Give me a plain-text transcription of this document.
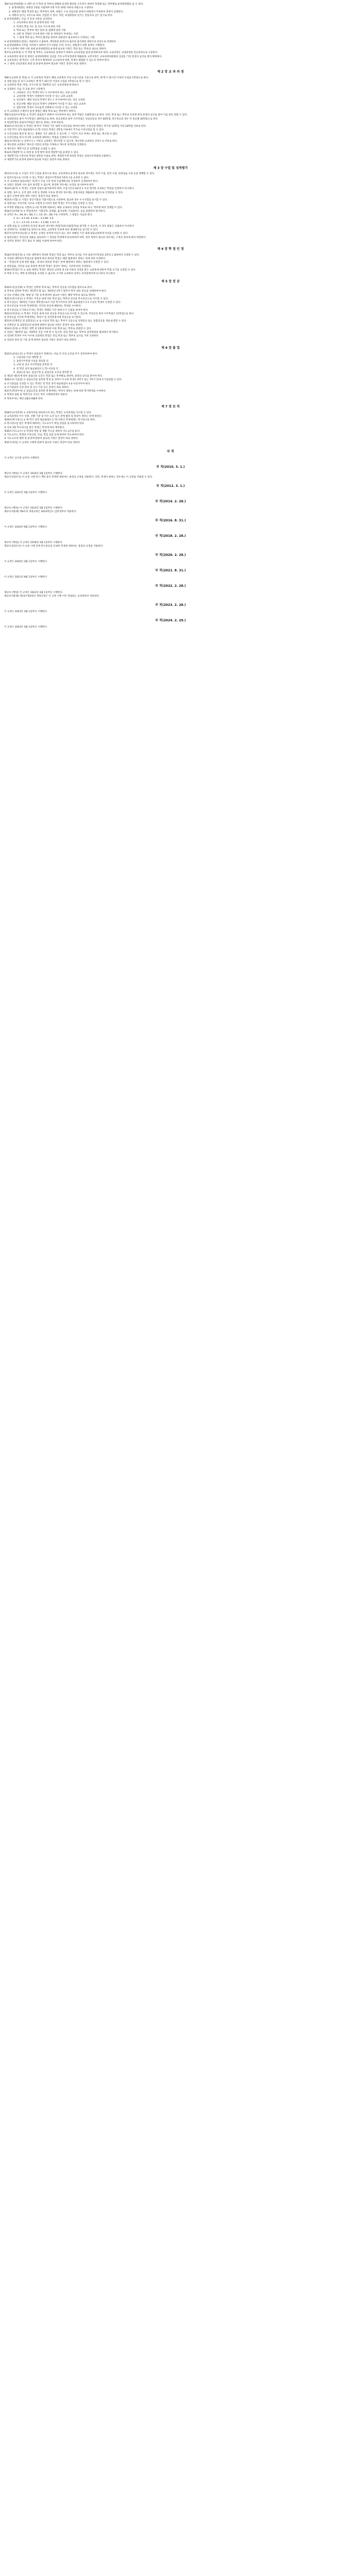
제6조(운영위원회) ① 대학 내 각 학과 및 학부의 원활한 운영과 발전을 도모하기 위하여 학과별 또는 학부별로 운영위원회를 둘 수 있다.
1. 운영위원회는 위원장 1명을 포함하여 5명 이상 10명 이하의 위원으로 구성한다.
2. 위원장은 해당 학과장 또는 학부장이 되며, 위원은 소속 전임교원 중에서 위원장이 추천하여 총장이 임명한다.
3. 위원의 임기는 2년으로 하되, 연임할 수 있다. 다만, 보궐위원의 임기는 전임자의 남은 임기로 한다.
② 운영위원회는 다음 각 호의 사항을 심의한다.
1. 교육과정의 편성 및 운영에 관한 사항
2. 학생의 학업 지도 및 진로 지도에 관한 사항
3. 학과 또는 학부의 예산 편성 및 집행에 관한 사항
4. 교원 및 직원의 인사에 관한 사항 중 위원장이 부의하는 사항
5. 그 밖에 학과 또는 학부의 발전을 위하여 위원장이 필요하다고 인정하는 사항
③ 운영위원회의 회의는 위원장이 소집하며, 재적위원 과반수의 출석과 출석위원 과반수의 찬성으로 의결한다.
④ 운영위원회의 사무를 처리하기 위하여 간사 1명을 두며, 간사는 위원장이 위원 중에서 지명한다.
⑤ 이 규정에서 정한 사항 외에 운영위원회의 운영에 필요한 사항은 학과 또는 학부의 내규로 정한다.
제7조(교육과정) ① 각 학과 및 학부는 교육목표를 달성하기 위하여 교육과정을 편성·운영하여야 하며, 교육과정은 교양과정과 전공과정으로 구분한다.
② 교육과정의 편성 및 변경은 운영위원회의 심의를 거쳐 교무처장에게 제출하며, 교무처장은 교육과정위원회의 심의를 거쳐 총장의 승인을 받아 확정한다.
③ 교육과정은 매 학년도 시작 전까지 확정하여 공고하여야 하며, 학생이 열람할 수 있도록 하여야 한다.
④ 그 밖에 교육과정의 편성 및 운영에 관하여 필요한 사항은 총장이 따로 정한다.
제 2 장 교 과 과 정
제8조(교과목 및 학점) ① 각 교과목의 학점은 해당 교과목의 주당 수업시간을 기준으로 하며, 매 학기 15시간 이상의 수업을 1학점으로 한다.
② 실험·실습 및 실기 교과목은 매 학기 30시간 이상의 수업을 1학점으로 할 수 있다.
③ 교과목의 명칭, 학점, 이수구분 및 개설학년 등은 교육과정표에 따른다.
④ 교과목은 다음 각 호와 같이 구분한다.
1. 교양필수: 모든 학생이 반드시 이수하여야 하는 교양 교과목
2. 교양선택: 학생이 선택하여 이수할 수 있는 교양 교과목
3. 전공필수: 해당 전공의 학생이 반드시 이수하여야 하는 전공 교과목
4. 전공선택: 해당 전공의 학생이 선택하여 이수할 수 있는 전공 교과목
5. 일반선택: 학생이 자유롭게 선택하여 이수할 수 있는 교과목
⑤ 각 교과목의 구체적인 운영 방법은 해당 학과 또는 학부에서 정한다.
제9조(졸업이수학점) ① 학생이 졸업하기 위하여 이수하여야 하는 최저 학점은 130학점으로 한다. 다만, 학과 또는 학부의 특성에 따라 총장의 승인을 받아 이를 달리 정할 수 있다.
② 교양과정의 최저 이수학점은 30학점으로 하며, 전공과정의 최저 이수학점은 단일전공의 경우 60학점, 복수전공의 경우 각 전공별 39학점으로 한다.
③ 편입학생의 졸업이수학점은 별도로 정하는 바에 따른다.
제10조(수강신청) ① 학생은 매 학기 지정된 기간 내에 수강신청을 하여야 하며, 수강신청 학점은 학기당 12학점 이상 18학점 이하로 한다.
② 직전 학기 성적 평균평점이 3.75 이상인 학생은 3학점 이내에서 추가로 수강신청을 할 수 있다.
③ 수강신청의 변경 및 취소는 정해진 기간 내에 할 수 있으며, 그 기간이 지난 후에는 변경 또는 취소할 수 없다.
④ 수강신청을 하지 아니한 교과목에 대하여는 학점을 인정하지 아니한다.
제11조(재수강) ① 성적이 C+ 이하인 교과목은 재수강할 수 있으며, 재수강한 교과목의 성적은 A 이하로 한다.
② 재수강한 교과목은 재수강 이전의 성적을 삭제하고 재수강 성적만을 인정한다.
③ 재수강은 재학기간 중 12학점을 초과할 수 없다.
제12조(계절학기) ① 하계 및 동계 방학 중에 계절학기를 운영할 수 있다.
② 계절학기의 수강신청 학점은 6학점 이내로 하며, 계절학기에 취득한 학점은 졸업이수학점에 포함한다.
③ 계절학기의 운영에 관하여 필요한 사항은 총장이 따로 정한다.
제 3 장 수업 및 성적평가
제13조(수업) ① 수업은 주간 수업을 원칙으로 하되, 교육과정의 운영상 필요한 경우에는 야간 수업, 원격 수업, 현장실습 수업 등을 병행할 수 있다.
② 원격수업으로 이수할 수 있는 학점은 졸업이수학점의 5분의 1을 초과할 수 없다.
③ 각 교과목의 담당교원은 매 학기 수업 시작 전에 수업계획서를 작성하여 공개하여야 한다.
④ 교원은 정당한 사유 없이 휴강할 수 없으며, 휴강한 경우에는 보강을 실시하여야 한다.
제14조(출석) ① 학생은 수업에 성실히 출석하여야 하며, 수업시간의 4분의 1 이상 결석한 교과목은 학점을 인정하지 아니한다.
② 질병, 경조사, 공적 업무 수행 등 정당한 사유로 결석한 경우에는 증빙서류를 제출하여 출석으로 인정받을 수 있다.
③ 출석 인정에 관한 세부 사항은 총장이 따로 정한다.
제15조(시험) ① 시험은 중간시험과 기말시험으로 구분하며, 필요한 경우 수시시험을 실시할 수 있다.
② 질병 또는 부득이한 사유로 시험에 응시하지 못한 학생은 추가시험을 신청할 수 있다.
③ 부정한 방법으로 시험에 응시한 학생에 대하여는 해당 교과목의 성적을 무효로 하고, 학칙에 따라 징계할 수 있다.
제16조(성적평가) ① 학업성적은 시험성적, 과제물, 출석상황, 수업참여도 등을 종합하여 평가한다.
② 성적은 A+, A0, B+, B0, C+, C0, D+, D0, F로 구분하며, 그 평점은 다음과 같다.
1. A+: 4.5 A0: 4.0 B+: 3.5 B0: 3.0
2. C+: 2.5 C0: 2.0 D+: 1.5 D0: 1.0 F: 0
③ 실험·실습 등 교과목의 특성상 필요한 경우에는 P(합격)와 F(불합격)로 평가할 수 있으며, 이 경우 평점은 산출하지 아니한다.
④ 성적평가는 상대평가를 원칙으로 하되, 교과목의 특성에 따라 절대평가를 실시할 수 있다.
제17조(성적이의신청) ① 학생은 공개된 성적에 이의가 있는 경우 정해진 기간 내에 담당교원에게 이의를 신청할 수 있다.
② 담당교원은 이의신청 내용을 검토하여 그 결과를 학생에게 통보하여야 하며, 성적 정정이 필요한 경우에는 소정의 절차에 따라 정정한다.
③ 성적의 정정은 학기 종료 후 30일 이내에 하여야 한다.
제 4 장 학 점 인 정
제18조(학점인정) ① 다른 대학에서 취득한 학점은 학과 또는 학부의 심사를 거쳐 졸업이수학점의 2분의 1 범위에서 인정할 수 있다.
② 국내외 대학과의 학점교류 협정에 따라 취득한 학점은 해당 협정에서 정하는 바에 따라 인정한다.
③ 「학점인정 등에 관한 법률」에 따라 취득한 학점은 관계 법령에서 정하는 범위에서 인정할 수 있다.
④ 현장실습, 인턴십 등을 통하여 취득한 학점은 총장이 정하는 기준에 따라 인정한다.
제19조(학점포기) ① 졸업 예정인 학생은 취득한 교과목 중 C0 이하의 성적을 받은 교과목에 대하여 학점 포기를 신청할 수 있다.
② 학점 포기는 재학 중 6학점을 초과할 수 없으며, 포기한 교과목의 성적은 성적증명서에 표기하지 아니한다.
제 5 장 전 공
제20조(전공선택) ① 학생은 입학한 학과 또는 학부의 전공을 이수함을 원칙으로 한다.
② 학부로 입학한 학생은 제1학년 말 또는 제2학년 1학기 말까지 학부 내의 전공을 선택하여야 한다.
③ 전공 선택의 인원, 방법 및 기준 등에 관하여 필요한 사항은 해당 학부의 내규로 정한다.
제21조(복수전공) ① 학생은 주전공 외에 다른 학과 또는 학부의 전공을 복수전공으로 이수할 수 있다.
② 복수전공은 제2학년 이상의 재학생으로서 직전 학기까지의 성적 평균평점이 2.5 이상인 학생이 신청할 수 있다.
③ 복수전공을 이수한 학생에게는 각각의 전공에 해당하는 학위를 수여한다.
④ 복수전공을 포기하고자 하는 학생은 정해진 기간 내에 포기 신청을 하여야 한다.
제22조(부전공) ① 학생은 주전공 외에 다른 전공을 부전공으로 이수할 수 있으며, 부전공의 최저 이수학점은 21학점으로 한다.
② 부전공을 이수한 학생에게는 학위기 및 성적증명서에 부전공을 표기한다.
제23조(연계전공 및 융합전공) ① 둘 이상의 학과 또는 학부가 공동으로 연계전공 또는 융합전공을 개설·운영할 수 있다.
② 연계전공 및 융합전공의 운영에 관하여 필요한 사항은 총장이 따로 정한다.
제24조(전과) ① 학생은 재학 중 1회에 한하여 다른 학과 또는 학부로 전과할 수 있다.
② 전과는 제2학년 또는 제3학년 진급 시에 할 수 있으며, 전입 학과 또는 학부의 입학정원의 범위에서 허가한다.
③ 전과한 학생이 이미 이수한 교과목의 학점은 전입 학과 또는 학부의 심사를 거쳐 인정한다.
④ 전과의 절차 및 기준 등에 관하여 필요한 사항은 총장이 따로 정한다.
제 6 장 졸 업
제25조(졸업요건) ① 학생이 졸업하기 위해서는 다음 각 호의 요건을 모두 충족하여야 한다.
1. 수업연한 이상 재학할 것
2. 졸업이수학점 이상을 취득할 것
3. 교양 및 전공 이수학점을 충족할 것
4. 전 학년 성적 평균평점이 1.75 이상일 것
5. 졸업논문 또는 졸업시험 등 졸업인증 요건을 충족할 것
② 제1항 제5호에 따른 졸업인증 요건은 학과 또는 학부별로 정하며, 총장의 승인을 받아야 한다.
제26조(조기졸업) ① 졸업요건을 충족한 학생 중 성적이 우수한 학생은 6학기 또는 7학기 만에 조기졸업할 수 있다.
② 조기졸업을 신청할 수 있는 학생은 전 학년 성적 평균평점이 4.0 이상이어야 한다.
③ 조기졸업의 신청 절차 및 심사 기준 등은 총장이 따로 정한다.
제27조(학위수여) ① 졸업요건을 충족한 학생에게는 학칙이 정하는 바에 따라 학사학위를 수여한다.
② 학위의 종류 및 학위기의 서식은 학칙 시행세칙에서 정한다.
③ 학위수여는 매년 2월과 8월에 한다.
제 7 장 보 칙
제28조(교직과정) ① 교원자격을 취득하고자 하는 학생은 교직과정을 이수할 수 있다.
② 교직과정의 이수 인원, 선발 기준 및 이수 요건 등은 관계 법령 및 총장이 정하는 바에 따른다.
제29조(학사경고) ① 매 학기 성적 평균평점이 1.75 미만인 학생에게는 학사경고를 한다.
② 학사경고를 받은 학생에 대하여는 지도교수가 학업 상담을 실시하여야 한다.
③ 연속 3회 학사경고를 받은 학생은 학칙에 따라 제적한다.
제30조(지도교수) ① 학생의 학업 및 생활 지도를 위하여 지도교수를 둔다.
② 지도교수는 학생의 수강신청, 진로, 학업 상담 등에 관하여 지도하여야 한다.
③ 지도교수의 배정 및 운영에 관하여 필요한 사항은 총장이 따로 정한다.
제31조(위임) 이 규정의 시행에 관하여 필요한 사항은 총장이 따로 정한다.
부 칙
이 규정은 공포한 날부터 시행한다.
부 칙(2010. 3. 1.)
제1조(시행일) 이 규정은 2010년 3월 1일부터 시행한다.
제2조(경과조치) 이 규정 시행 당시 재학 중인 학생에 대하여는 종전의 규정을 적용한다. 다만, 학생이 원하는 경우에는 이 규정을 적용할 수 있다.
부 칙(2012. 3. 1.)
이 규정은 2012년 3월 1일부터 시행한다.
부 칙(2014. 2. 28.)
제1조(시행일) 이 규정은 2014년 3월 1일부터 시행한다.
제2조(적용례) 제9조의 개정규정은 2014학년도 입학생부터 적용한다.
부 칙(2016. 8. 31.)
이 규정은 2016년 9월 1일부터 시행한다.
부 칙(2018. 2. 28.)
제1조(시행일) 이 규정은 2018년 3월 1일부터 시행한다.
제2조(경과조치) 이 규정 시행 전에 복수전공을 신청한 학생에 대하여는 종전의 규정을 적용한다.
부 칙(2020. 2. 28.)
이 규정은 2020년 3월 1일부터 시행한다.
부 칙(2021. 8. 31.)
이 규정은 2021년 9월 1일부터 시행한다.
부 칙(2022. 2. 28.)
제1조(시행일) 이 규정은 2022년 3월 1일부터 시행한다.
제2조(적용례) 제13조제2항의 개정규정은 이 규정 시행 이후 개설되는 교과목부터 적용한다.
부 칙(2023. 2. 28.)
이 규정은 2023년 3월 1일부터 시행한다.
부 칙(2024. 2. 29.)
이 규정은 2024년 3월 1일부터 시행한다.
